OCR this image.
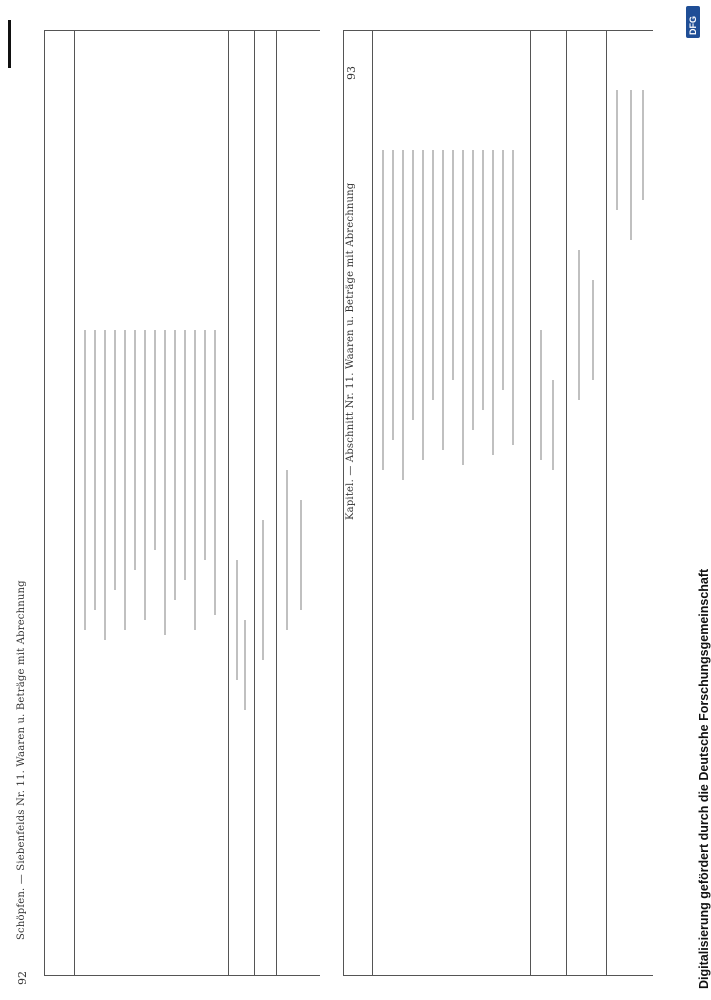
92
Schöpfen. — Siebenfelds Nr. 11. Waaren u. Beträge mit Abrechnung
93
Kapitel. — Abschnitt Nr. 11. Waaren u. Beträge mit Abrechnung
Digitalisierung gefördert durch die Deutsche Forschungsgemeinschaft
DFG
